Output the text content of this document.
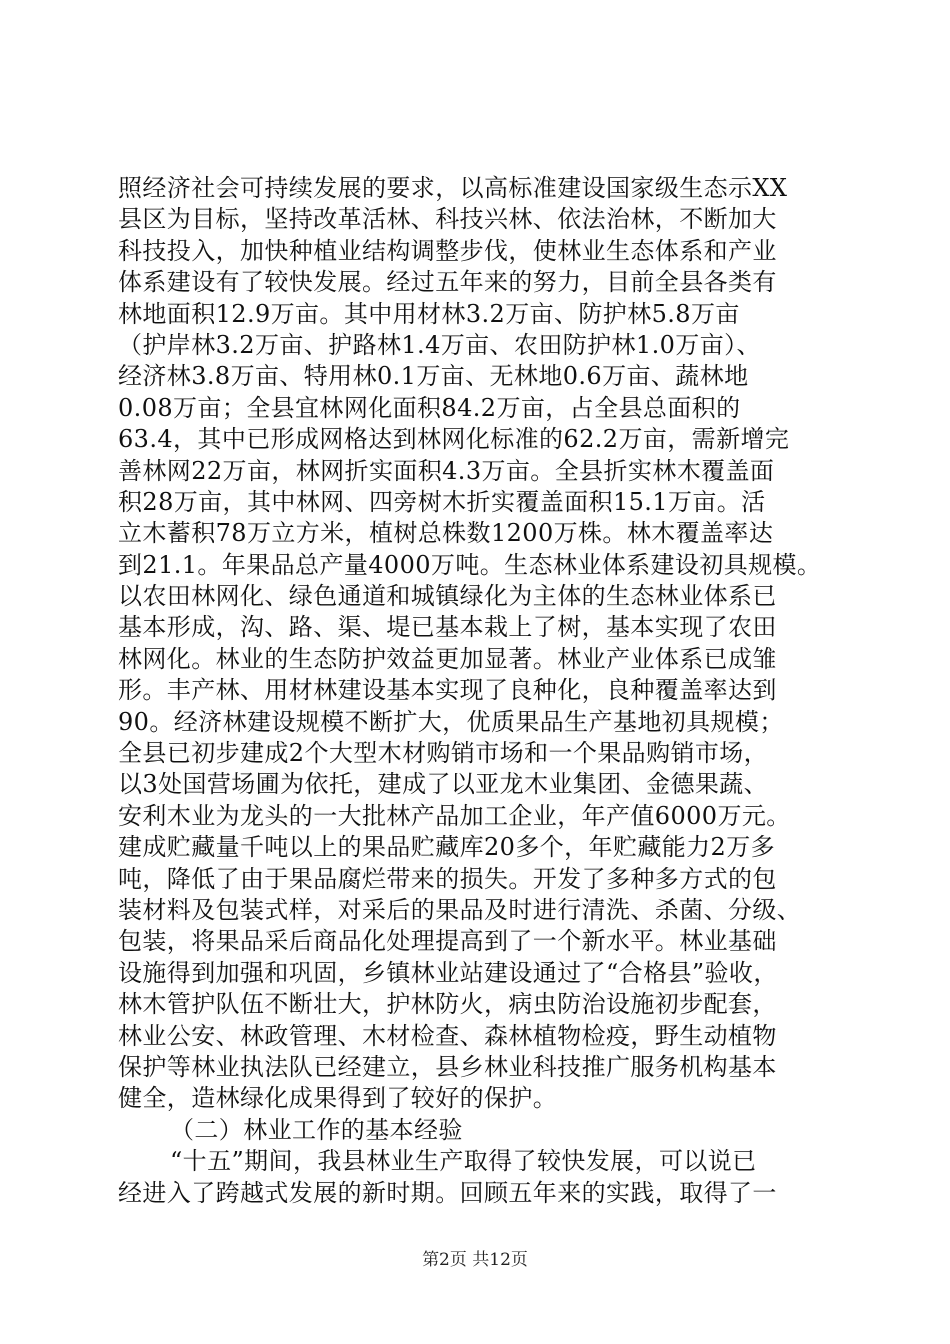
照经济社会可持续发展的要求，以高标准建设国家级生态示XX
县区为目标，坚持改革活林、科技兴林、依法治林，不断加大
科技投入，加快种植业结构调整步伐，使林业生态体系和产业
体系建设有了较快发展。经过五年来的努力，目前全县各类有
林地面积12.9万亩。其中用材林3.2万亩、防护林5.8万亩
（护岸林3.2万亩、护路林1.4万亩、农田防护林1.0万亩）、
经济林3.8万亩、特用林0.1万亩、无林地0.6万亩、蔬林地
0.08万亩；全县宜林网化面积84.2万亩，占全县总面积的
63.4，其中已形成网格达到林网化标准的62.2万亩，需新增完
善林网22万亩，林网折实面积4.3万亩。全县折实林木覆盖面
积28万亩，其中林网、四旁树木折实覆盖面积15.1万亩。活
立木蓄积78万立方米，植树总株数1200万株。林木覆盖率达
到21.1。年果品总产量4000万吨。生态林业体系建设初具规模。
以农田林网化、绿色通道和城镇绿化为主体的生态林业体系已
基本形成，沟、路、渠、堤已基本栽上了树，基本实现了农田
林网化。林业的生态防护效益更加显著。林业产业体系已成雏
形。丰产林、用材林建设基本实现了良种化，良种覆盖率达到
90。经济林建设规模不断扩大，优质果品生产基地初具规模；
全县已初步建成2个大型木材购销市场和一个果品购销市场，
以3处国营场圃为依托，建成了以亚龙木业集团、金德果蔬、
安利木业为龙头的一大批林产品加工企业，年产值6000万元。
建成贮藏量千吨以上的果品贮藏库20多个，年贮藏能力2万多
吨，降低了由于果品腐烂带来的损失。开发了多种多方式的包
装材料及包装式样，对采后的果品及时进行清洗、杀菌、分级、
包装，将果品采后商品化处理提高到了一个新水平。林业基础
设施得到加强和巩固，乡镇林业站建设通过了“合格县”验收，
林木管护队伍不断壮大，护林防火，病虫防治设施初步配套，
林业公安、林政管理、木材检查、森林植物检疫，野生动植物
保护等林业执法队已经建立，县乡林业科技推广服务机构基本
健全，造林绿化成果得到了较好的保护。
（二）林业工作的基本经验
“十五”期间，我县林业生产取得了较快发展，可以说已
经进入了跨越式发展的新时期。回顾五年来的实践，取得了一
第2页 共12页
